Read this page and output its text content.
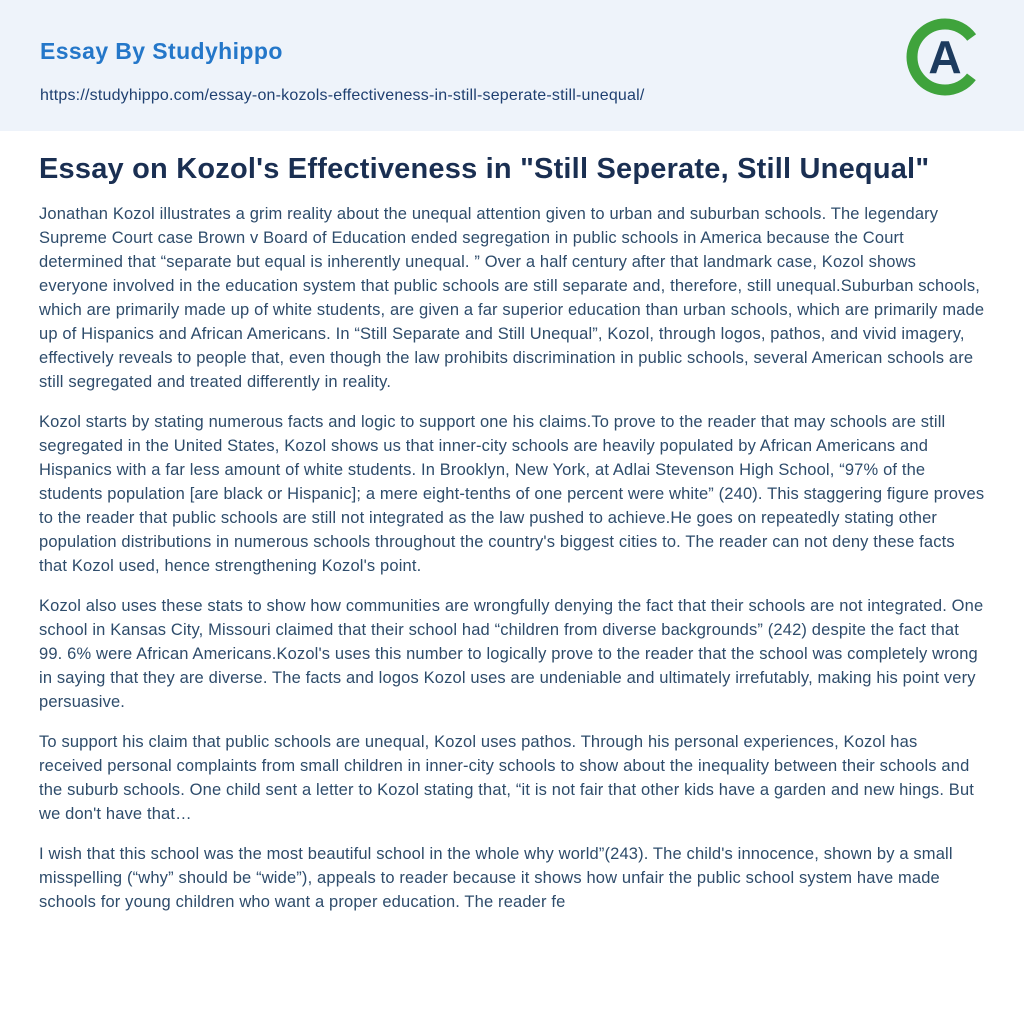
Essay By Studyhippo
https://studyhippo.com/essay-on-kozols-effectiveness-in-still-seperate-still-unequal/
A
Essay on Kozol's Effectiveness in "Still Seperate, Still Unequal"

Jonathan Kozol illustrates a grim reality about the unequal attention given to urban and suburban schools. The legendary Supreme Court case Brown v Board of Education ended segregation in public schools in America because the Court determined that “separate but equal is inherently unequal. ” Over a half century after that landmark case, Kozol shows everyone involved in the education system that public schools are still separate and, therefore, still unequal.Suburban schools, which are primarily made up of white students, are given a far superior education than urban schools, which are primarily made up of Hispanics and African Americans. In “Still Separate and Still Unequal”, Kozol, through logos, pathos, and vivid imagery, effectively reveals to people that, even though the law prohibits discrimination in public schools, several American schools are still segregated and treated differently in reality.

Kozol starts by stating numerous facts and logic to support one his claims.To prove to the reader that may schools are still segregated in the United States, Kozol shows us that inner-city schools are heavily populated by African Americans and Hispanics with a far less amount of white students. In Brooklyn, New York, at Adlai Stevenson High School, “97% of the students population [are black or Hispanic]; a mere eight-tenths of one percent were white” (240). This staggering figure proves to the reader that public schools are still not integrated as the law pushed to achieve.He goes on repeatedly stating other population distributions in numerous schools throughout the country's biggest cities to. The reader can not deny these facts that Kozol used, hence strengthening Kozol's point.

Kozol also uses these stats to show how communities are wrongfully denying the fact that their schools are not integrated. One school in Kansas City, Missouri claimed that their school had “children from diverse backgrounds” (242) despite the fact that 99. 6% were African Americans.Kozol's uses this number to logically prove to the reader that the school was completely wrong in saying that they are diverse. The facts and logos Kozol uses are undeniable and ultimately irrefutably, making his point very persuasive.

To support his claim that public schools are unequal, Kozol uses pathos. Through his personal experiences, Kozol has received personal complaints from small children in inner-city schools to show about the inequality between their schools and the suburb schools. One child sent a letter to Kozol stating that, “it is not fair that other kids have a garden and new hings. But we don't have that…

I wish that this school was the most beautiful school in the whole why world”(243). The child's innocence, shown by a small misspelling (“why” should be “wide”), appeals to reader because it shows how unfair the public school system have made schools for young children who want a proper education. The reader fe
